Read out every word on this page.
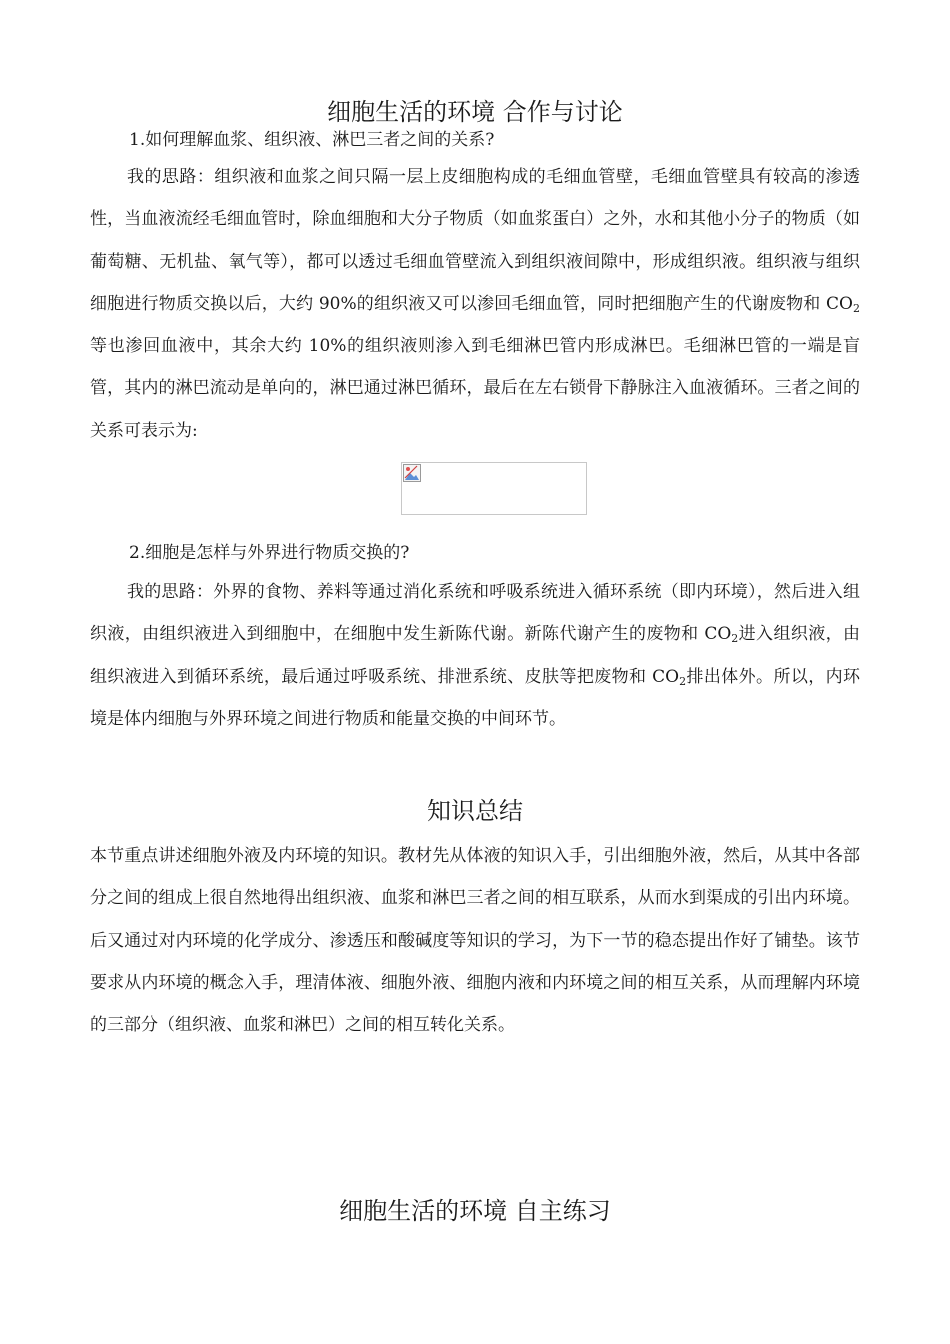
细胞生活的环境 合作与讨论

1.如何理解血浆、组织液、淋巴三者之间的关系?

我的思路：组织液和血浆之间只隔一层上皮细胞构成的毛细血管壁，毛细血管壁具有较高的渗透性，当血液流经毛细血管时，除血细胞和大分子物质（如血浆蛋白）之外，水和其他小分子的物质（如葡萄糖、无机盐、氧气等），都可以透过毛细血管壁流入到组织液间隙中，形成组织液。组织液与组织细胞进行物质交换以后，大约 90%的组织液又可以渗回毛细血管，同时把细胞产生的代谢废物和 $CO_2$等也渗回血液中，其余大约 10%的组织液则渗入到毛细淋巴管内形成淋巴。毛细淋巴管的一端是盲管，其内的淋巴流动是单向的，淋巴通过淋巴循环，最后在左右锁骨下静脉注入血液循环。三者之间的关系可表示为:

2.细胞是怎样与外界进行物质交换的?

我的思路：外界的食物、养料等通过消化系统和呼吸系统进入循环系统（即内环境），然后进入组织液，由组织液进入到细胞中，在细胞中发生新陈代谢。新陈代谢产生的废物和 $CO_2$进入组织液，由组织液进入到循环系统，最后通过呼吸系统、排泄系统、皮肤等把废物和 $CO_2$排出体外。所以，内环境是体内细胞与外界环境之间进行物质和能量交换的中间环节。

知识总结

本节重点讲述细胞外液及内环境的知识。教材先从体液的知识入手，引出细胞外液，然后，从其中各部分之间的组成上很自然地得出组织液、血浆和淋巴三者之间的相互联系，从而水到渠成的引出内环境。后又通过对内环境的化学成分、渗透压和酸碱度等知识的学习，为下一节的稳态提出作好了铺垫。该节要求从内环境的概念入手，理清体液、细胞外液、细胞内液和内环境之间的相互关系，从而理解内环境的三部分（组织液、血浆和淋巴）之间的相互转化关系。

细胞生活的环境 自主练习
